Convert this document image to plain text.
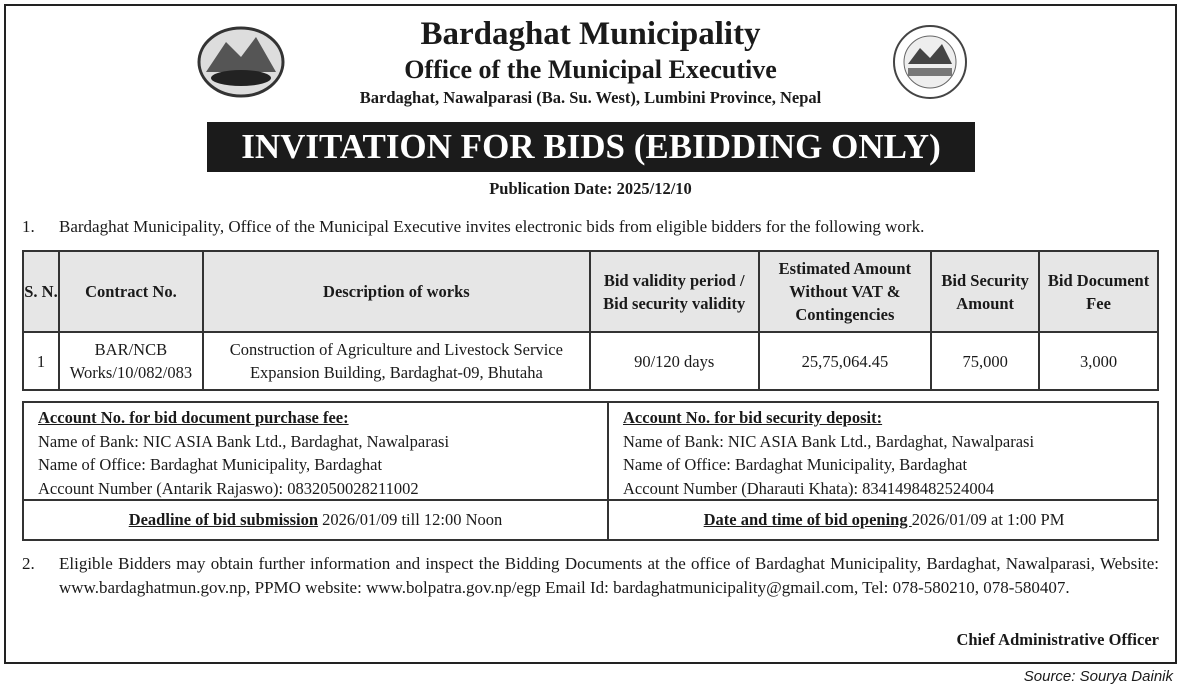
Bardaghat Municipality
Office of the Municipal Executive
Bardaghat, Nawalparasi (Ba. Su. West), Lumbini Province, Nepal
INVITATION FOR BIDS (EBIDDING ONLY)
Publication Date: 2025/12/10
1. Bardaghat Municipality, Office of the Municipal Executive invites electronic bids from eligible bidders for the following work.
S. N.	Contract No.	Description of works	Bid validity period / Bid security validity	Estimated Amount Without VAT & Contingencies	Bid Security Amount	Bid Document Fee
1	BAR/NCB Works/10/082/083	Construction of Agriculture and Livestock Service Expansion Building, Bardaghat-09, Bhutaha	90/120 days	25,75,064.45	75,000	3,000
Account No. for bid document purchase fee:
Name of Bank: NIC ASIA Bank Ltd., Bardaghat, Nawalparasi
Name of Office: Bardaghat Municipality, Bardaghat
Account Number (Antarik Rajaswo): 083205002821​1002
Account No. for bid security deposit:
Name of Bank: NIC ASIA Bank Ltd., Bardaghat, Nawalparasi
Name of Office: Bardaghat Municipality, Bardaghat
Account Number (Dharauti Khata): 8341498482524004
Deadline of bid submission 2026/01/09 till 12:00 Noon	Date and time of bid opening 2026/01/09 at 1:00 PM
2. Eligible Bidders may obtain further information and inspect the Bidding Documents at the office of Bardaghat Municipality, Bardaghat, Nawalparasi, Website: www.bardaghatmun.gov.np, PPMO website: www.bolpatra.gov.np/egp Email Id: bardaghatmunicipality@gmail.com, Tel: 078-580210, 078-580407.
Chief Administrative Officer
Source: Sourya Dainik
